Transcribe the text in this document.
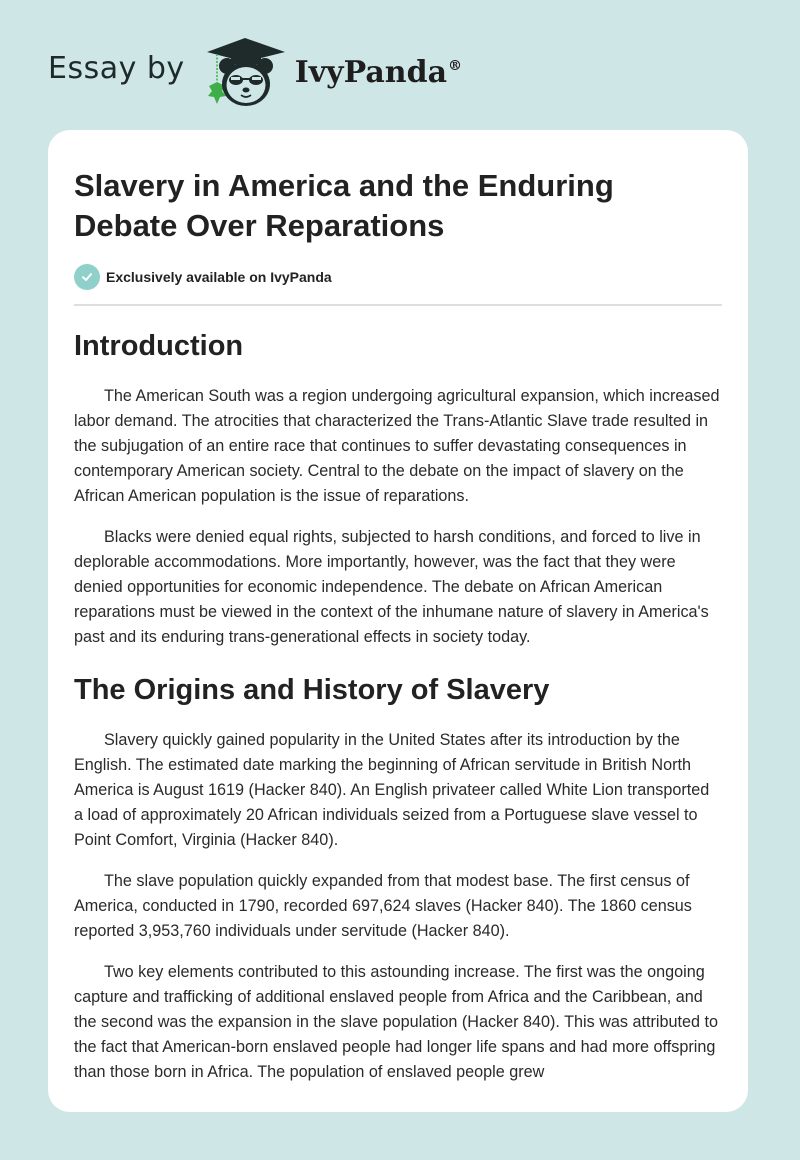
Essay by	IvyPanda®
Slavery in America and the Enduring
Debate Over Reparations
Exclusively available on IvyPanda
Introduction

The American South was a region undergoing agricultural expansion, which increased labor demand. The atrocities that characterized the Trans-Atlantic Slave trade resulted in the subjugation of an entire race that continues to suffer devastating consequences in contemporary American society. Central to the debate on the impact of slavery on the African American population is the issue of reparations.

Blacks were denied equal rights, subjected to harsh conditions, and forced to live in deplorable accommodations. More importantly, however, was the fact that they were denied opportunities for economic independence. The debate on African American reparations must be viewed in the context of the inhumane nature of slavery in America's past and its enduring trans-generational effects in society today.

The Origins and History of Slavery

Slavery quickly gained popularity in the United States after its introduction by the English. The estimated date marking the beginning of African servitude in British North America is August 1619 (Hacker 840). An English privateer called White Lion transported a load of approximately 20 African individuals seized from a Portuguese slave vessel to Point Comfort, Virginia (Hacker 840).

The slave population quickly expanded from that modest base. The first census of America, conducted in 1790, recorded 697,624 slaves (Hacker 840). The 1860 census reported 3,953,760 individuals under servitude (Hacker 840).

Two key elements contributed to this astounding increase. The first was the ongoing capture and trafficking of additional enslaved people from Africa and the Caribbean, and the second was the expansion in the slave population (Hacker 840). This was attributed to the fact that American-born enslaved people had longer life spans and had more offspring than those born in Africa. The population of enslaved people grew
